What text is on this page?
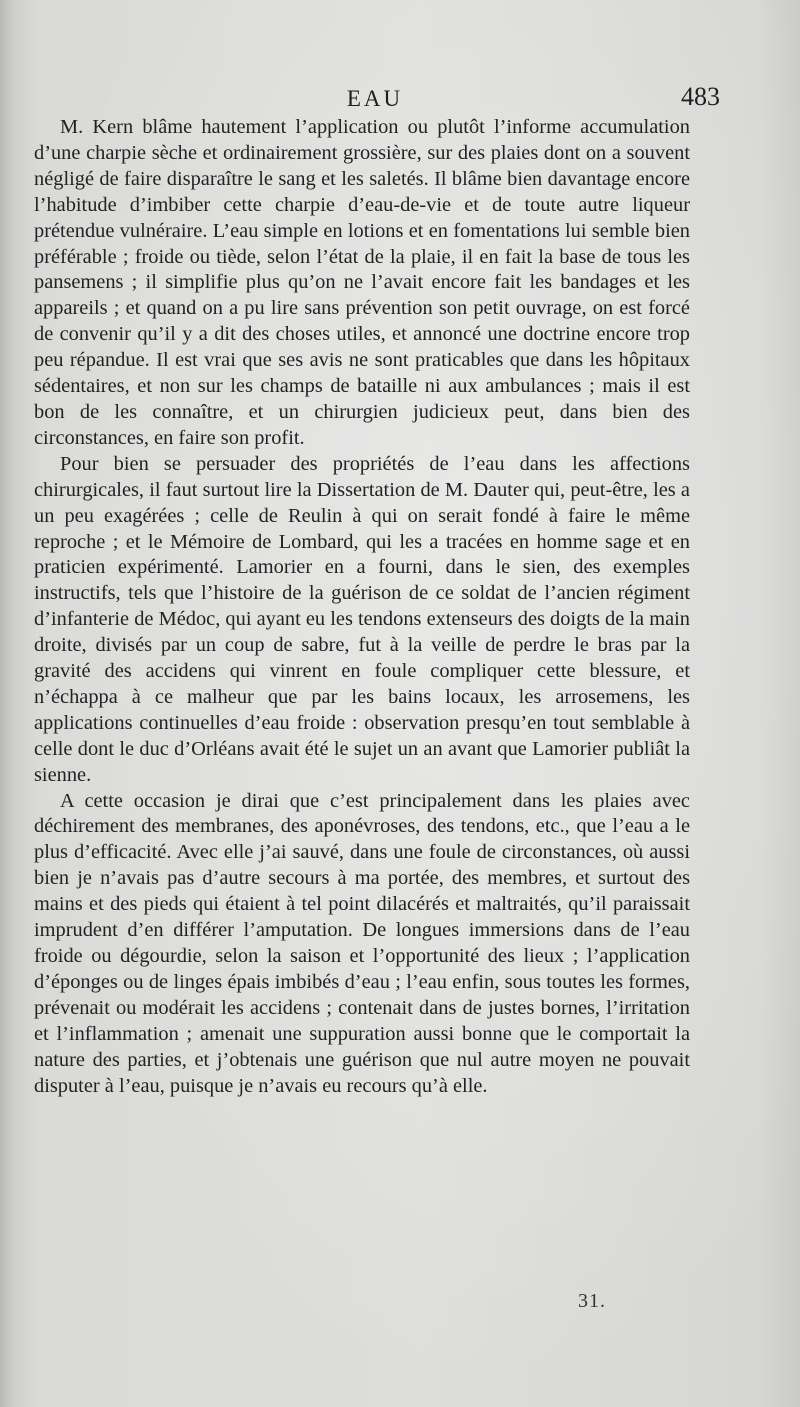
EAU	483

M. Kern blâme hautement l’application ou plutôt l’informe accumulation d’une charpie sèche et ordinairement grossière, sur des plaies dont on a souvent négligé de faire disparaître le sang et les saletés. Il blâme bien davantage encore l’habitude d’imbiber cette charpie d’eau-de-vie et de toute autre liqueur prétendue vulnéraire. L’eau simple en lotions et en fomentations lui semble bien préférable ; froide ou tiède, selon l’état de la plaie, il en fait la base de tous les pansemens ; il simplifie plus qu’on ne l’avait encore fait les bandages et les appareils ; et quand on a pu lire sans prévention son petit ouvrage, on est forcé de convenir qu’il y a dit des choses utiles, et annoncé une doctrine encore trop peu répandue. Il est vrai que ses avis ne sont praticables que dans les hôpitaux sédentaires, et non sur les champs de bataille ni aux ambulances ; mais il est bon de les connaître, et un chirurgien judicieux peut, dans bien des circonstances, en faire son profit.

Pour bien se persuader des propriétés de l’eau dans les affections chirurgicales, il faut surtout lire la Dissertation de M. Dauter qui, peut-être, les a un peu exagérées ; celle de Reulin à qui on serait fondé à faire le même reproche ; et le Mémoire de Lombard, qui les a tracées en homme sage et en praticien expérimenté. Lamorier en a fourni, dans le sien, des exemples instructifs, tels que l’histoire de la guérison de ce soldat de l’ancien régiment d’infanterie de Médoc, qui ayant eu les tendons extenseurs des doigts de la main droite, divisés par un coup de sabre, fut à la veille de perdre le bras par la gravité des accidens qui vinrent en foule compliquer cette blessure, et n’échappa à ce malheur que par les bains locaux, les arrosemens, les applications continuelles d’eau froide : observation presqu’en tout semblable à celle dont le duc d’Orléans avait été le sujet un an avant que Lamorier publiât la sienne.

A cette occasion je dirai que c’est principalement dans les plaies avec déchirement des membranes, des aponévroses, des tendons, etc., que l’eau a le plus d’efficacité. Avec elle j’ai sauvé, dans une foule de circonstances, où aussi bien je n’avais pas d’autre secours à ma portée, des membres, et surtout des mains et des pieds qui étaient à tel point dilacérés et maltraités, qu’il paraissait imprudent d’en différer l’amputation. De longues immersions dans de l’eau froide ou dégourdie, selon la saison et l’opportunité des lieux ; l’application d’éponges ou de linges épais imbibés d’eau ; l’eau enfin, sous toutes les formes, prévenait ou modérait les accidens ; contenait dans de justes bornes, l’irritation et l’inflammation ; amenait une suppuration aussi bonne que le comportait la nature des parties, et j’obtenais une guérison que nul autre moyen ne pouvait disputer à l’eau, puisque je n’avais eu recours qu’à elle.

31.
